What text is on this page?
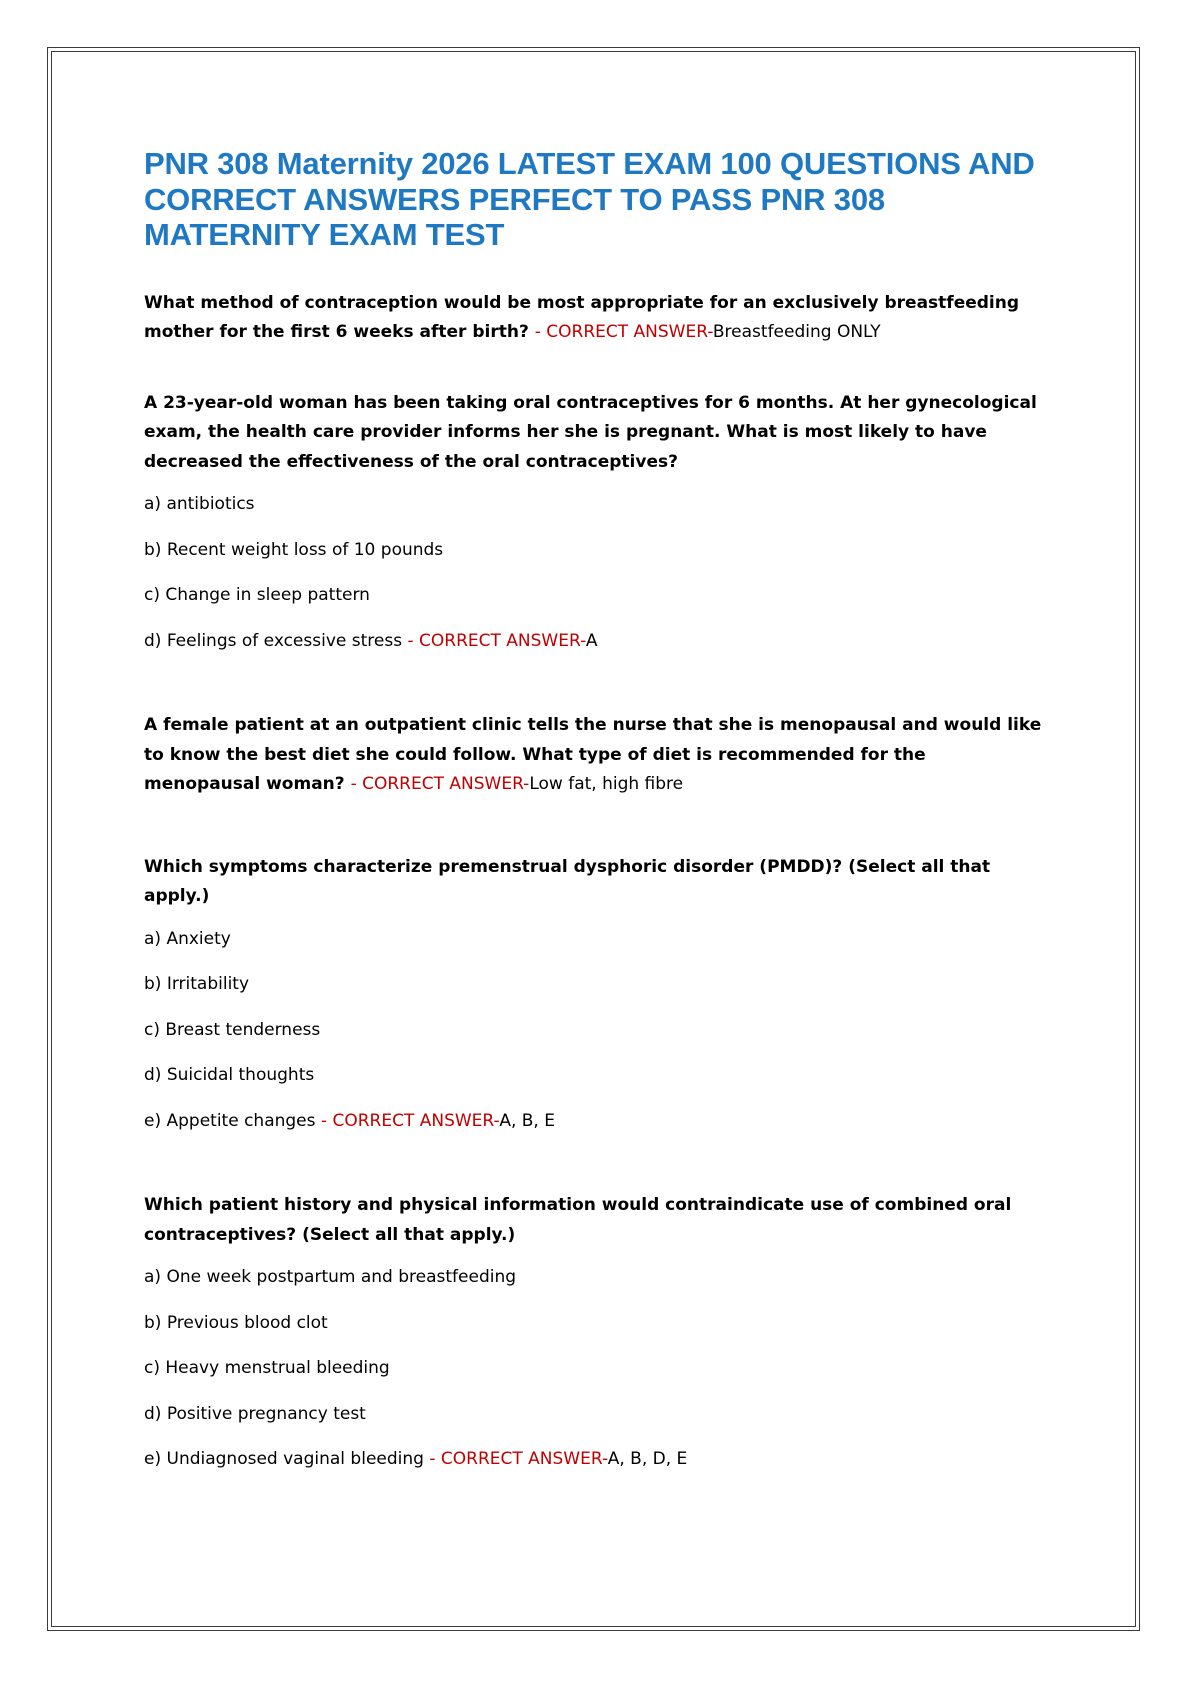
PNR 308 Maternity 2026 LATEST EXAM 100 QUESTIONS AND CORRECT ANSWERS PERFECT TO PASS PNR 308 MATERNITY EXAM TEST

What method of contraception would be most appropriate for an exclusively breastfeeding mother for the first 6 weeks after birth? - CORRECT ANSWER-Breastfeeding ONLY

A 23-year-old woman has been taking oral contraceptives for 6 months. At her gynecological exam, the health care provider informs her she is pregnant. What is most likely to have decreased the effectiveness of the oral contraceptives?

a) antibiotics

b) Recent weight loss of 10 pounds

c) Change in sleep pattern

d) Feelings of excessive stress - CORRECT ANSWER-A

A female patient at an outpatient clinic tells the nurse that she is menopausal and would like to know the best diet she could follow. What type of diet is recommended for the menopausal woman? - CORRECT ANSWER-Low fat, high fibre

Which symptoms characterize premenstrual dysphoric disorder (PMDD)? (Select all that apply.)

a) Anxiety

b) Irritability

c) Breast tenderness

d) Suicidal thoughts

e) Appetite changes - CORRECT ANSWER-A, B, E

Which patient history and physical information would contraindicate use of combined oral contraceptives? (Select all that apply.)

a) One week postpartum and breastfeeding

b) Previous blood clot

c) Heavy menstrual bleeding

d) Positive pregnancy test

e) Undiagnosed vaginal bleeding - CORRECT ANSWER-A, B, D, E
